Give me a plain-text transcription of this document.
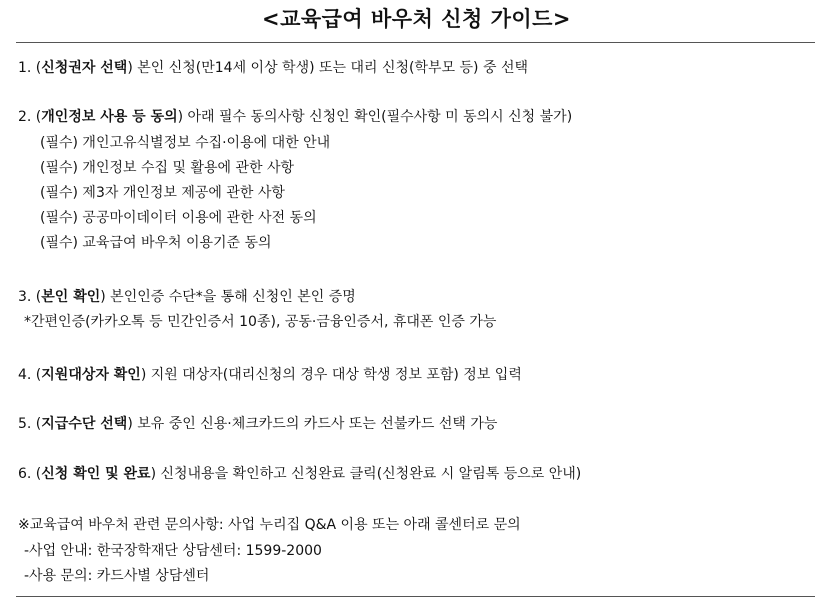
<교육급여 바우처 신청 가이드>
1. (신청권자 선택) 본인 신청(만14세 이상 학생) 또는 대리 신청(학부모 등) 중 선택
2. (개인정보 사용 등 동의) 아래 필수 동의사항 신청인 확인(필수사항 미 동의시 신청 불가)
(필수) 개인고유식별정보 수집·이용에 대한 안내
(필수) 개인정보 수집 및 활용에 관한 사항
(필수) 제3자 개인정보 제공에 관한 사항
(필수) 공공마이데이터 이용에 관한 사전 동의
(필수) 교육급여 바우처 이용기준 동의
3. (본인 확인) 본인인증 수단*을 통해 신청인 본인 증명
*간편인증(카카오톡 등 민간인증서 10종), 공동·금융인증서, 휴대폰 인증 가능
4. (지원대상자 확인) 지원 대상자(대리신청의 경우 대상 학생 정보 포함) 정보 입력
5. (지급수단 선택) 보유 중인 신용·체크카드의 카드사 또는 선불카드 선택 가능
6. (신청 확인 및 완료) 신청내용을 확인하고 신청완료 클릭(신청완료 시 알림톡 등으로 안내)
※교육급여 바우처 관련 문의사항: 사업 누리집 Q&A 이용 또는 아래 콜센터로 문의
-사업 안내: 한국장학재단 상담센터: 1599-2000
-사용 문의: 카드사별 상담센터
